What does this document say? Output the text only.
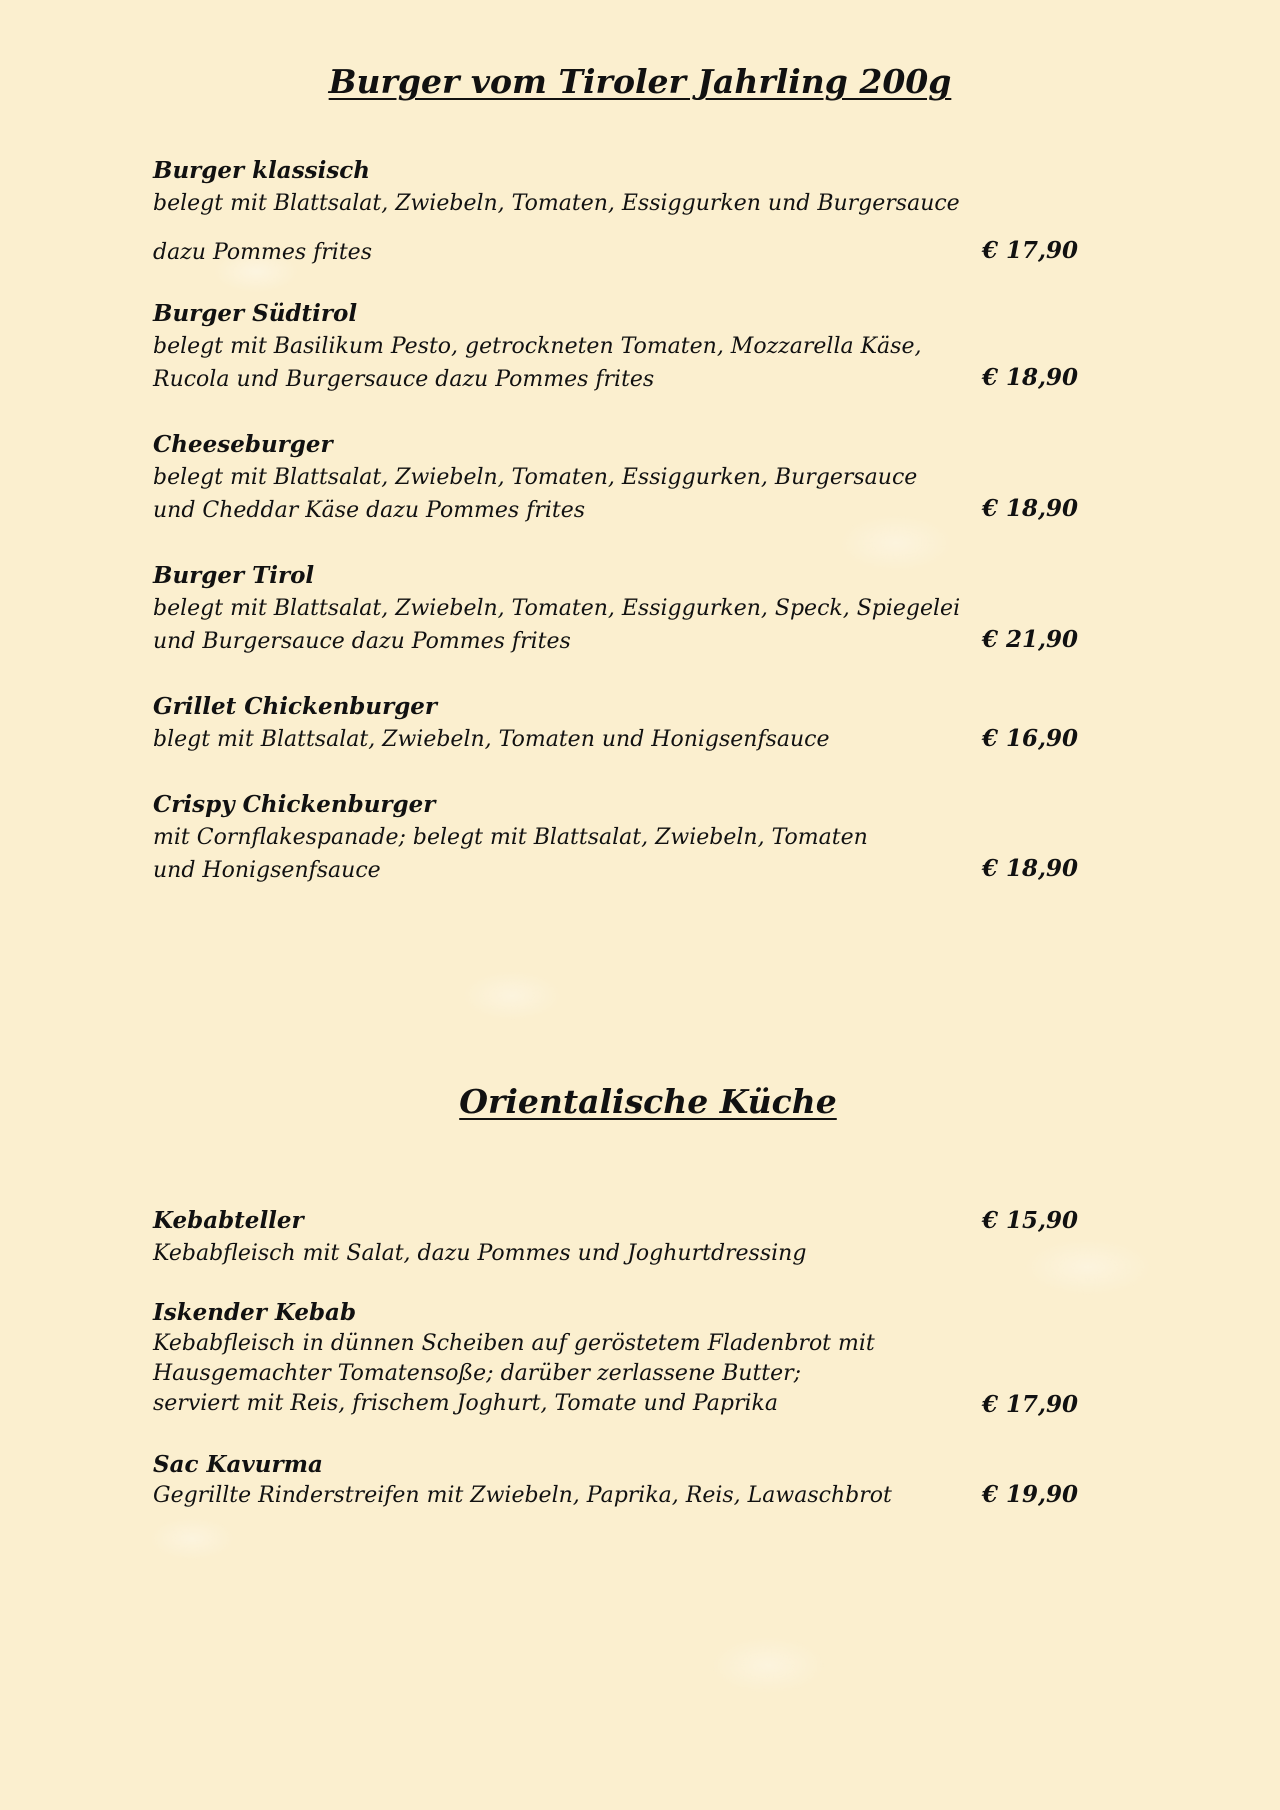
Burger vom Tiroler Jahrling 200g
Burger klassisch
belegt mit Blattsalat, Zwiebeln, Tomaten, Essiggurken und Burgersauce
dazu Pommes frites	€ 17,90
Burger Südtirol
belegt mit Basilikum Pesto, getrockneten Tomaten, Mozzarella Käse,
Rucola und Burgersauce dazu Pommes frites	€ 18,90
Cheeseburger
belegt mit Blattsalat, Zwiebeln, Tomaten, Essiggurken, Burgersauce
und Cheddar Käse dazu Pommes frites	€ 18,90
Burger Tirol
belegt mit Blattsalat, Zwiebeln, Tomaten, Essiggurken, Speck, Spiegelei
und Burgersauce dazu Pommes frites	€ 21,90
Grillet Chickenburger
blegt mit Blattsalat, Zwiebeln, Tomaten und Honigsenfsauce	€ 16,90
Crispy Chickenburger
mit Cornflakespanade; belegt mit Blattsalat, Zwiebeln, Tomaten
und Honigsenfsauce	€ 18,90
Orientalische Küche
Kebabteller
Kebabfleisch mit Salat, dazu Pommes und Joghurtdressing
€ 15,90
Iskender Kebab
Kebabfleisch in dünnen Scheiben auf geröstetem Fladenbrot mit
Hausgemachter Tomatensoße; darüber zerlassene Butter;
serviert mit Reis, frischem Joghurt, Tomate und Paprika	€ 17,90
Sac Kavurma
Gegrillte Rinderstreifen mit Zwiebeln, Paprika, Reis, Lawaschbrot	€ 19,90
